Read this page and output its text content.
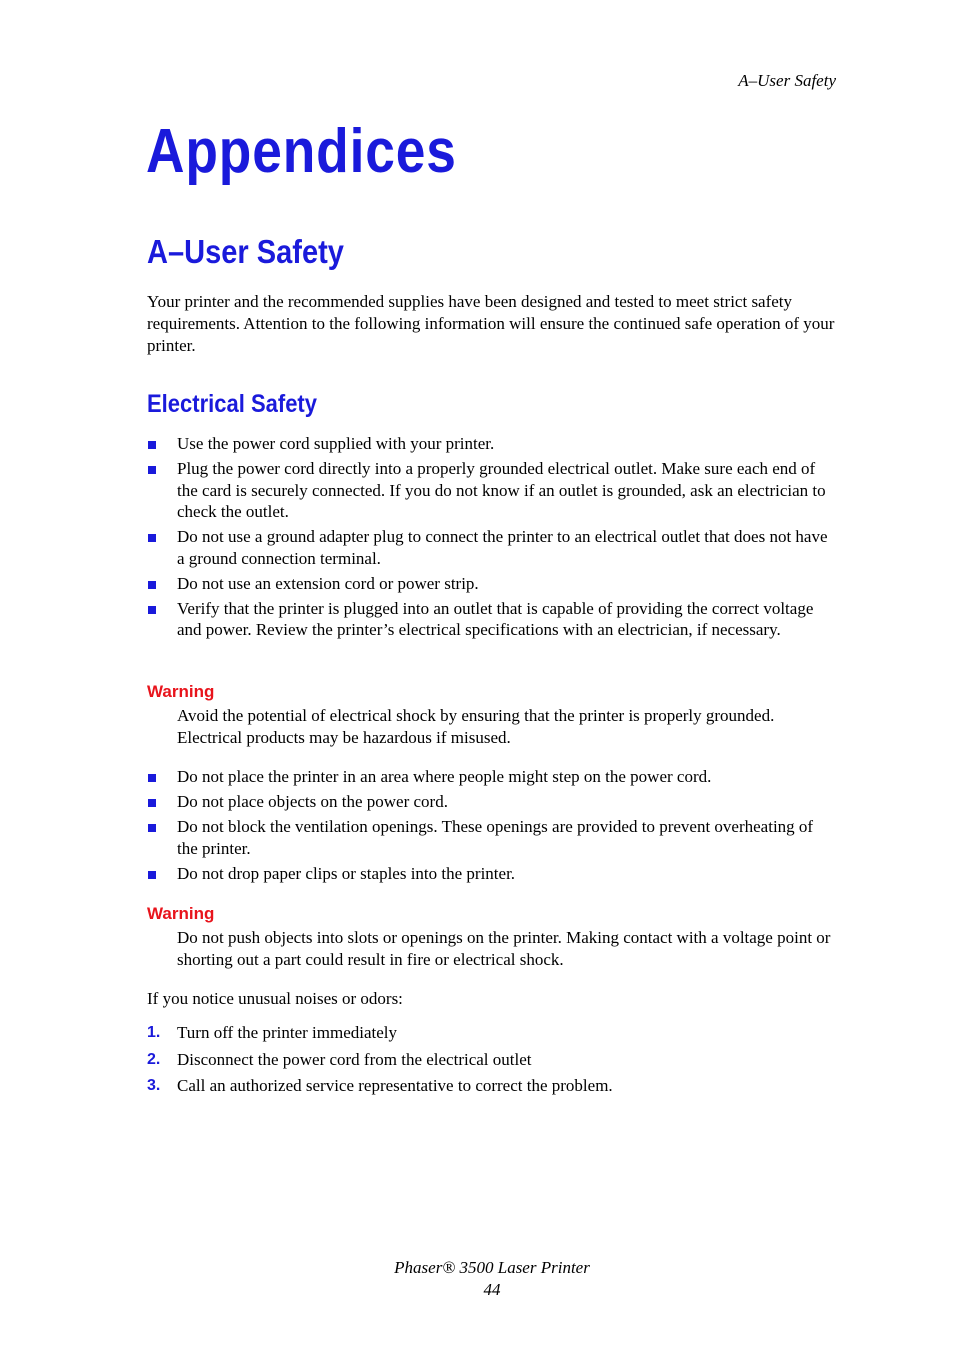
A–User Safety
Appendices
A–User Safety

Your printer and the recommended supplies have been designed and tested to meet strict safety requirements. Attention to the following information will ensure the continued safe operation of your printer.

Electrical Safety
Use the power cord supplied with your printer.
Plug the power cord directly into a properly grounded electrical outlet. Make sure each end of the card is securely connected. If you do not know if an outlet is grounded, ask an electrician to check the outlet.
Do not use a ground adapter plug to connect the printer to an electrical outlet that does not have a ground connection terminal.
Do not use an extension cord or power strip.
Verify that the printer is plugged into an outlet that is capable of providing the correct voltage and power. Review the printer’s electrical specifications with an electrician, if necessary.
Warning

Avoid the potential of electrical shock by ensuring that the printer is properly grounded. Electrical products may be hazardous if misused.

Do not place the printer in an area where people might step on the power cord.
Do not place objects on the power cord.
Do not block the ventilation openings. These openings are provided to prevent overheating of the printer.
Do not drop paper clips or staples into the printer.
Warning

Do not push objects into slots or openings on the printer. Making contact with a voltage point or shorting out a part could result in fire or electrical shock.

If you notice unusual noises or odors:

1. Turn off the printer immediately
2. Disconnect the power cord from the electrical outlet
3. Call an authorized service representative to correct the problem.
Phaser® 3500 Laser Printer
44
